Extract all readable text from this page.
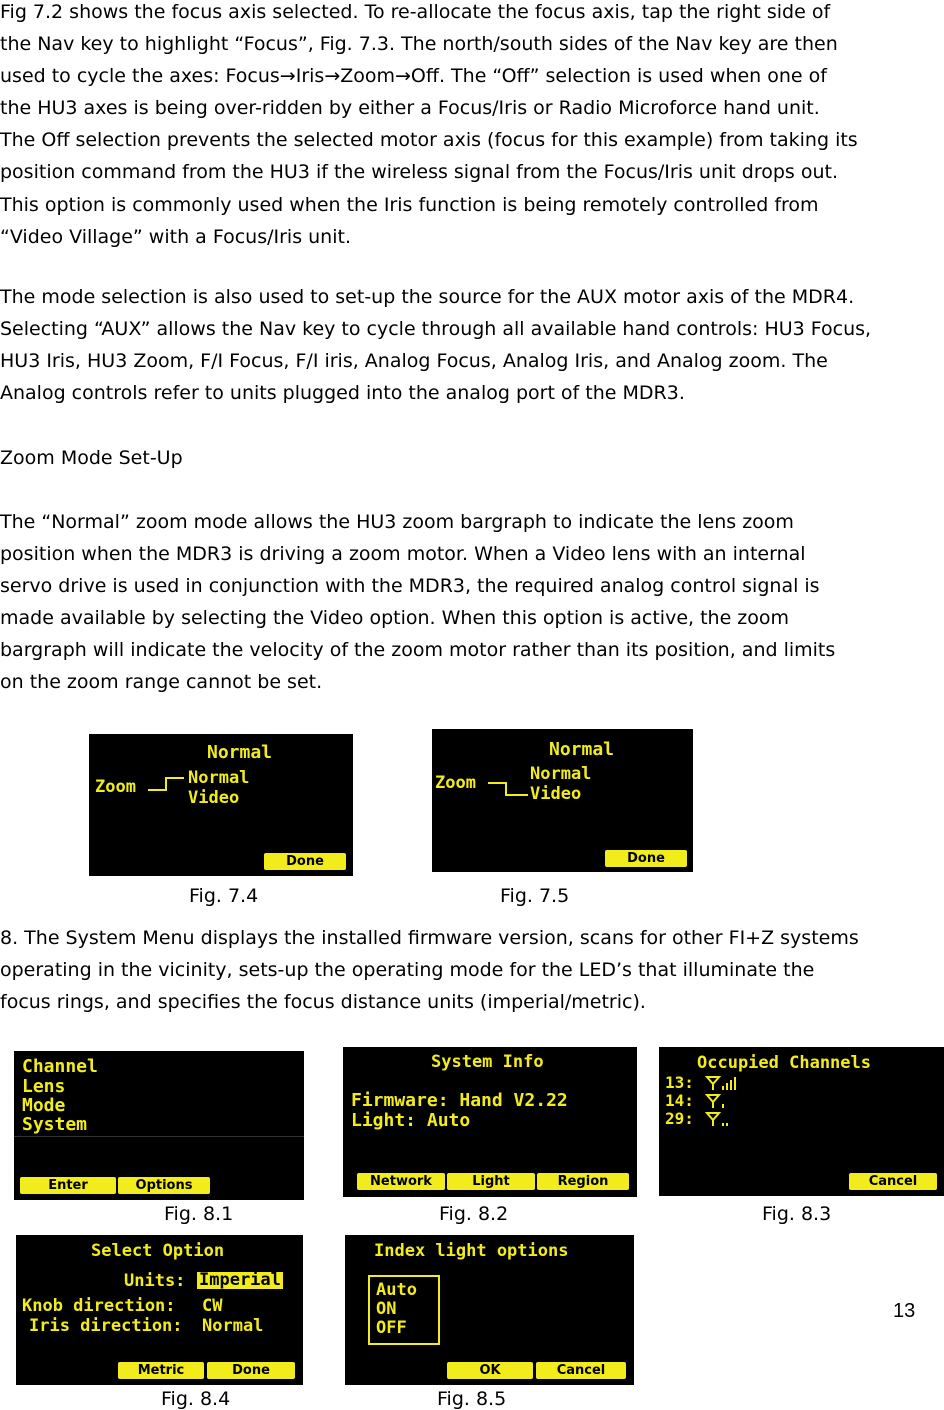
Fig 7.2 shows the focus axis selected. To re-allocate the focus axis, tap the right side of
the Nav key to highlight “Focus”, Fig. 7.3. The north/south sides of the Nav key are then
used to cycle the axes: Focus→Iris→Zoom→Off. The “Off” selection is used when one of
the HU3 axes is being over-ridden by either a Focus/Iris or Radio Microforce hand unit.
The Off selection prevents the selected motor axis (focus for this example) from taking its
position command from the HU3 if the wireless signal from the Focus/Iris unit drops out.
This option is commonly used when the Iris function is being remotely controlled from
“Video Village” with a Focus/Iris unit.

The mode selection is also used to set-up the source for the AUX motor axis of the MDR4.
Selecting “AUX” allows the Nav key to cycle through all available hand controls: HU3 Focus,
HU3 Iris, HU3 Zoom, F/I Focus, F/I iris, Analog Focus, Analog Iris, and Analog zoom. The
Analog controls refer to units plugged into the analog port of the MDR3.

Zoom Mode Set-Up

The “Normal” zoom mode allows the HU3 zoom bargraph to indicate the lens zoom
position when the MDR3 is driving a zoom motor. When a Video lens with an internal
servo drive is used in conjunction with the MDR3, the required analog control signal is
made available by selecting the Video option. When this option is active, the zoom
bargraph will indicate the velocity of the zoom motor rather than its position, and limits
on the zoom range cannot be set.

8. The System Menu displays the installed firmware version, scans for other FI+Z systems
operating in the vicinity, sets-up the operating mode for the LED’s that illuminate the
focus rings, and specifies the focus distance units (imperial/metric).

Normal
Zoom	Normal
Video
Done
Normal
Zoom	Normal
Video
Done
Fig. 7.4	Fig. 7.5
Channel
Lens
Mode
System
Enter	Options
System Info
Firmware: Hand V2.22
Light: Auto
Network	Light	Region
Occupied Channels
13:
14:
29:
Cancel
Fig. 8.1	Fig. 8.2	Fig. 8.3
Select Option
Units: Imperial
Knob direction: CW
Iris direction: Normal
Metric	Done
Index light options
Auto
ON
OFF
OK	Cancel
Fig. 8.4	Fig. 8.5
13
